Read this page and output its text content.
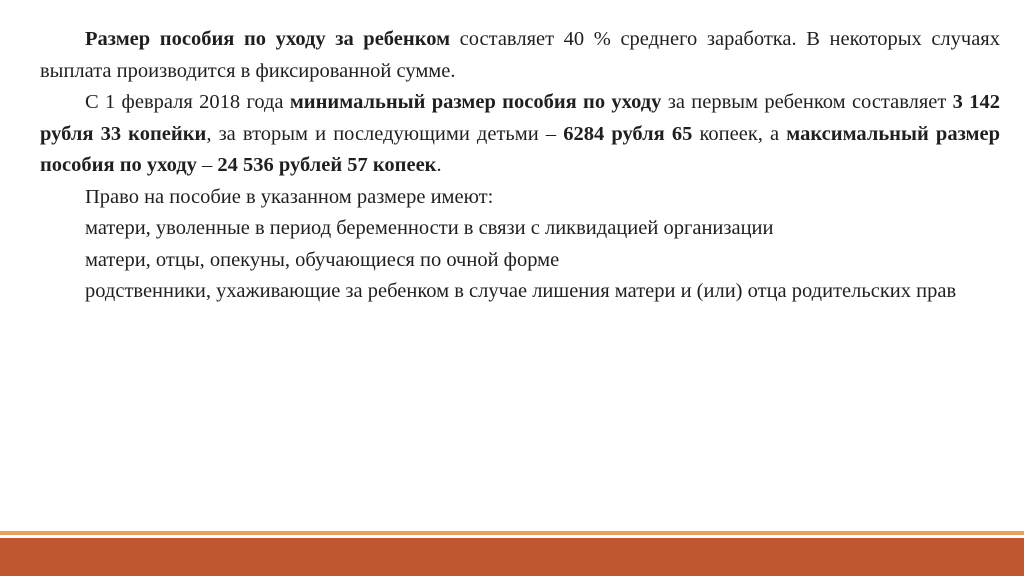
Размер пособия по уходу за ребенком составляет 40 % среднего заработка. В некоторых случаях выплата производится в фиксированной сумме.

С 1 февраля 2018 года минимальный размер пособия по уходу за первым ребенком составляет 3 142 рубля 33 копейки, за вторым и последующими детьми – 6284 рубля 65 копеек, а максимальный размер пособия по уходу – 24 536 рублей 57 копеек.

Право на пособие в указанном размере имеют:

матери, уволенные в период беременности в связи с ликвидацией организации

матери, отцы, опекуны, обучающиеся по очной форме

родственники, ухаживающие за ребенком в случае лишения матери и (или) отца родительских прав
